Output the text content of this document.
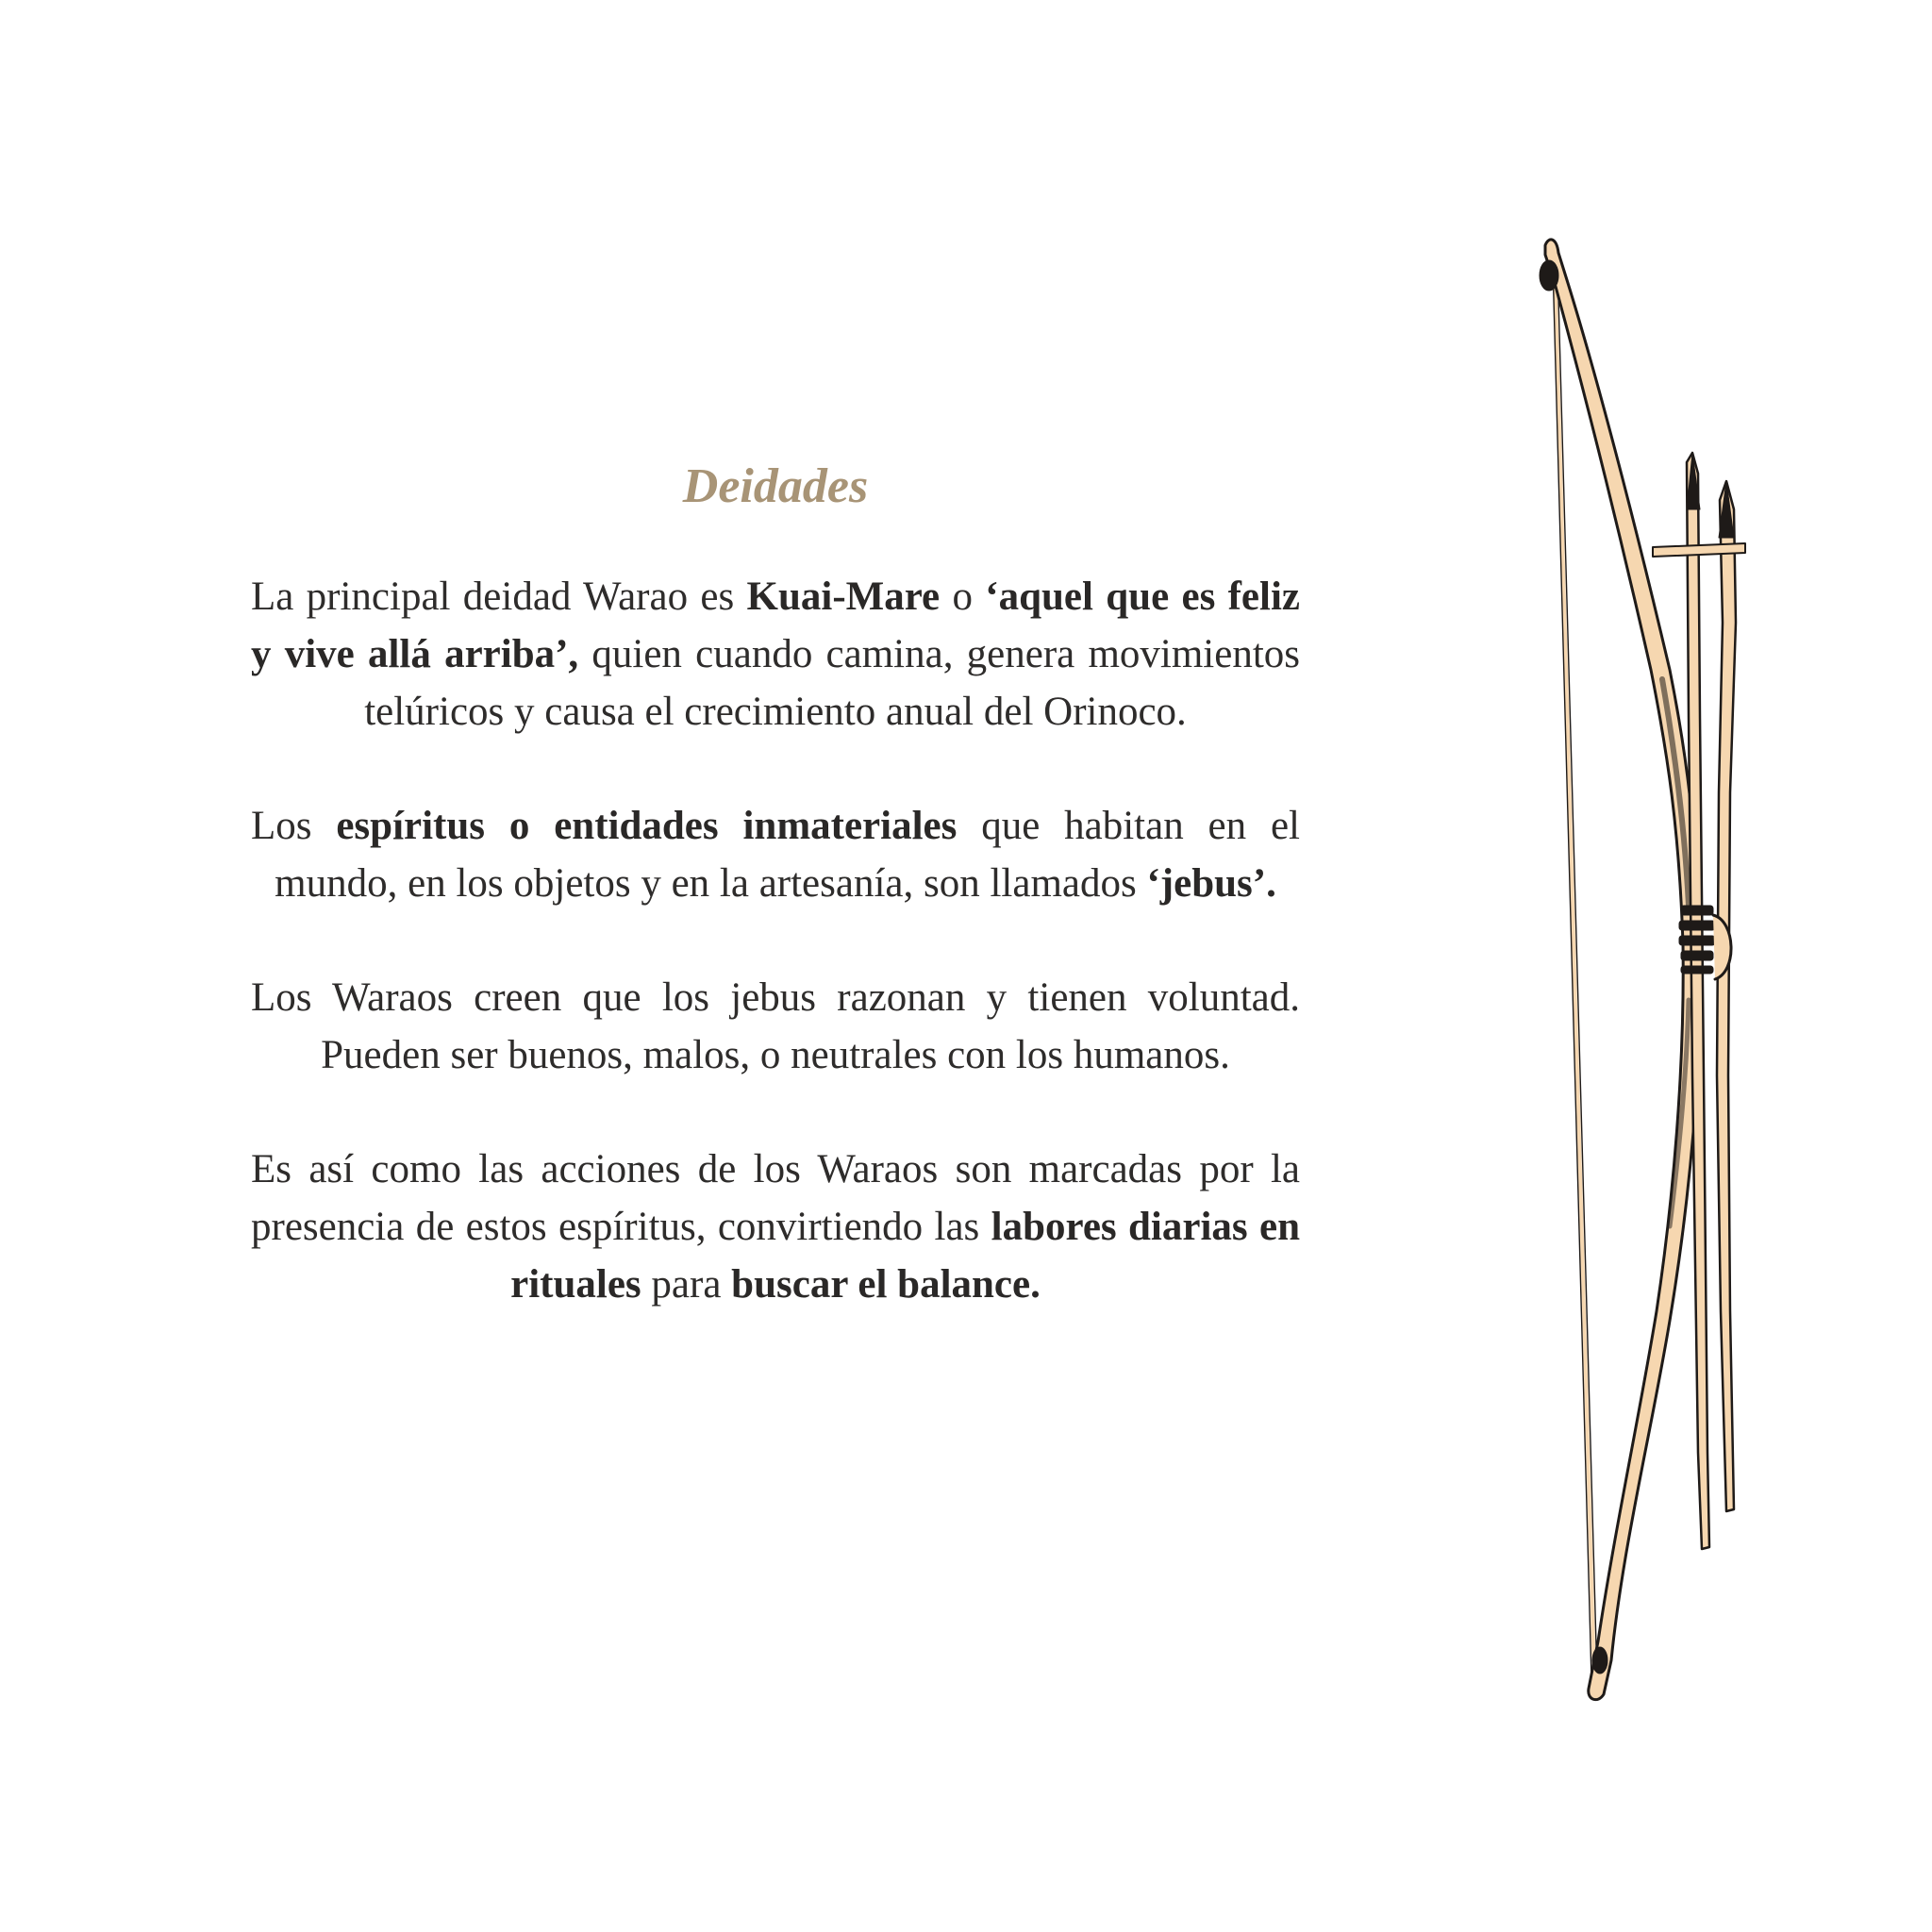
Deidades

La principal deidad Warao es Kuai-Mare o ‘aquel que es feliz y vive allá arriba’, quien cuando camina, genera movimientos telúricos y causa el crecimiento anual del Orinoco.

Los espíritus o entidades inmateriales que habitan en el mundo, en los objetos y en la artesanía, son llamados ‘jebus’.

Los Waraos creen que los jebus razonan y tienen voluntad. Pueden ser buenos, malos, o neutrales con los humanos.

Es así como las acciones de los Waraos son marcadas por la presencia de estos espíritus, convirtiendo las labores diarias en rituales para buscar el balance.
